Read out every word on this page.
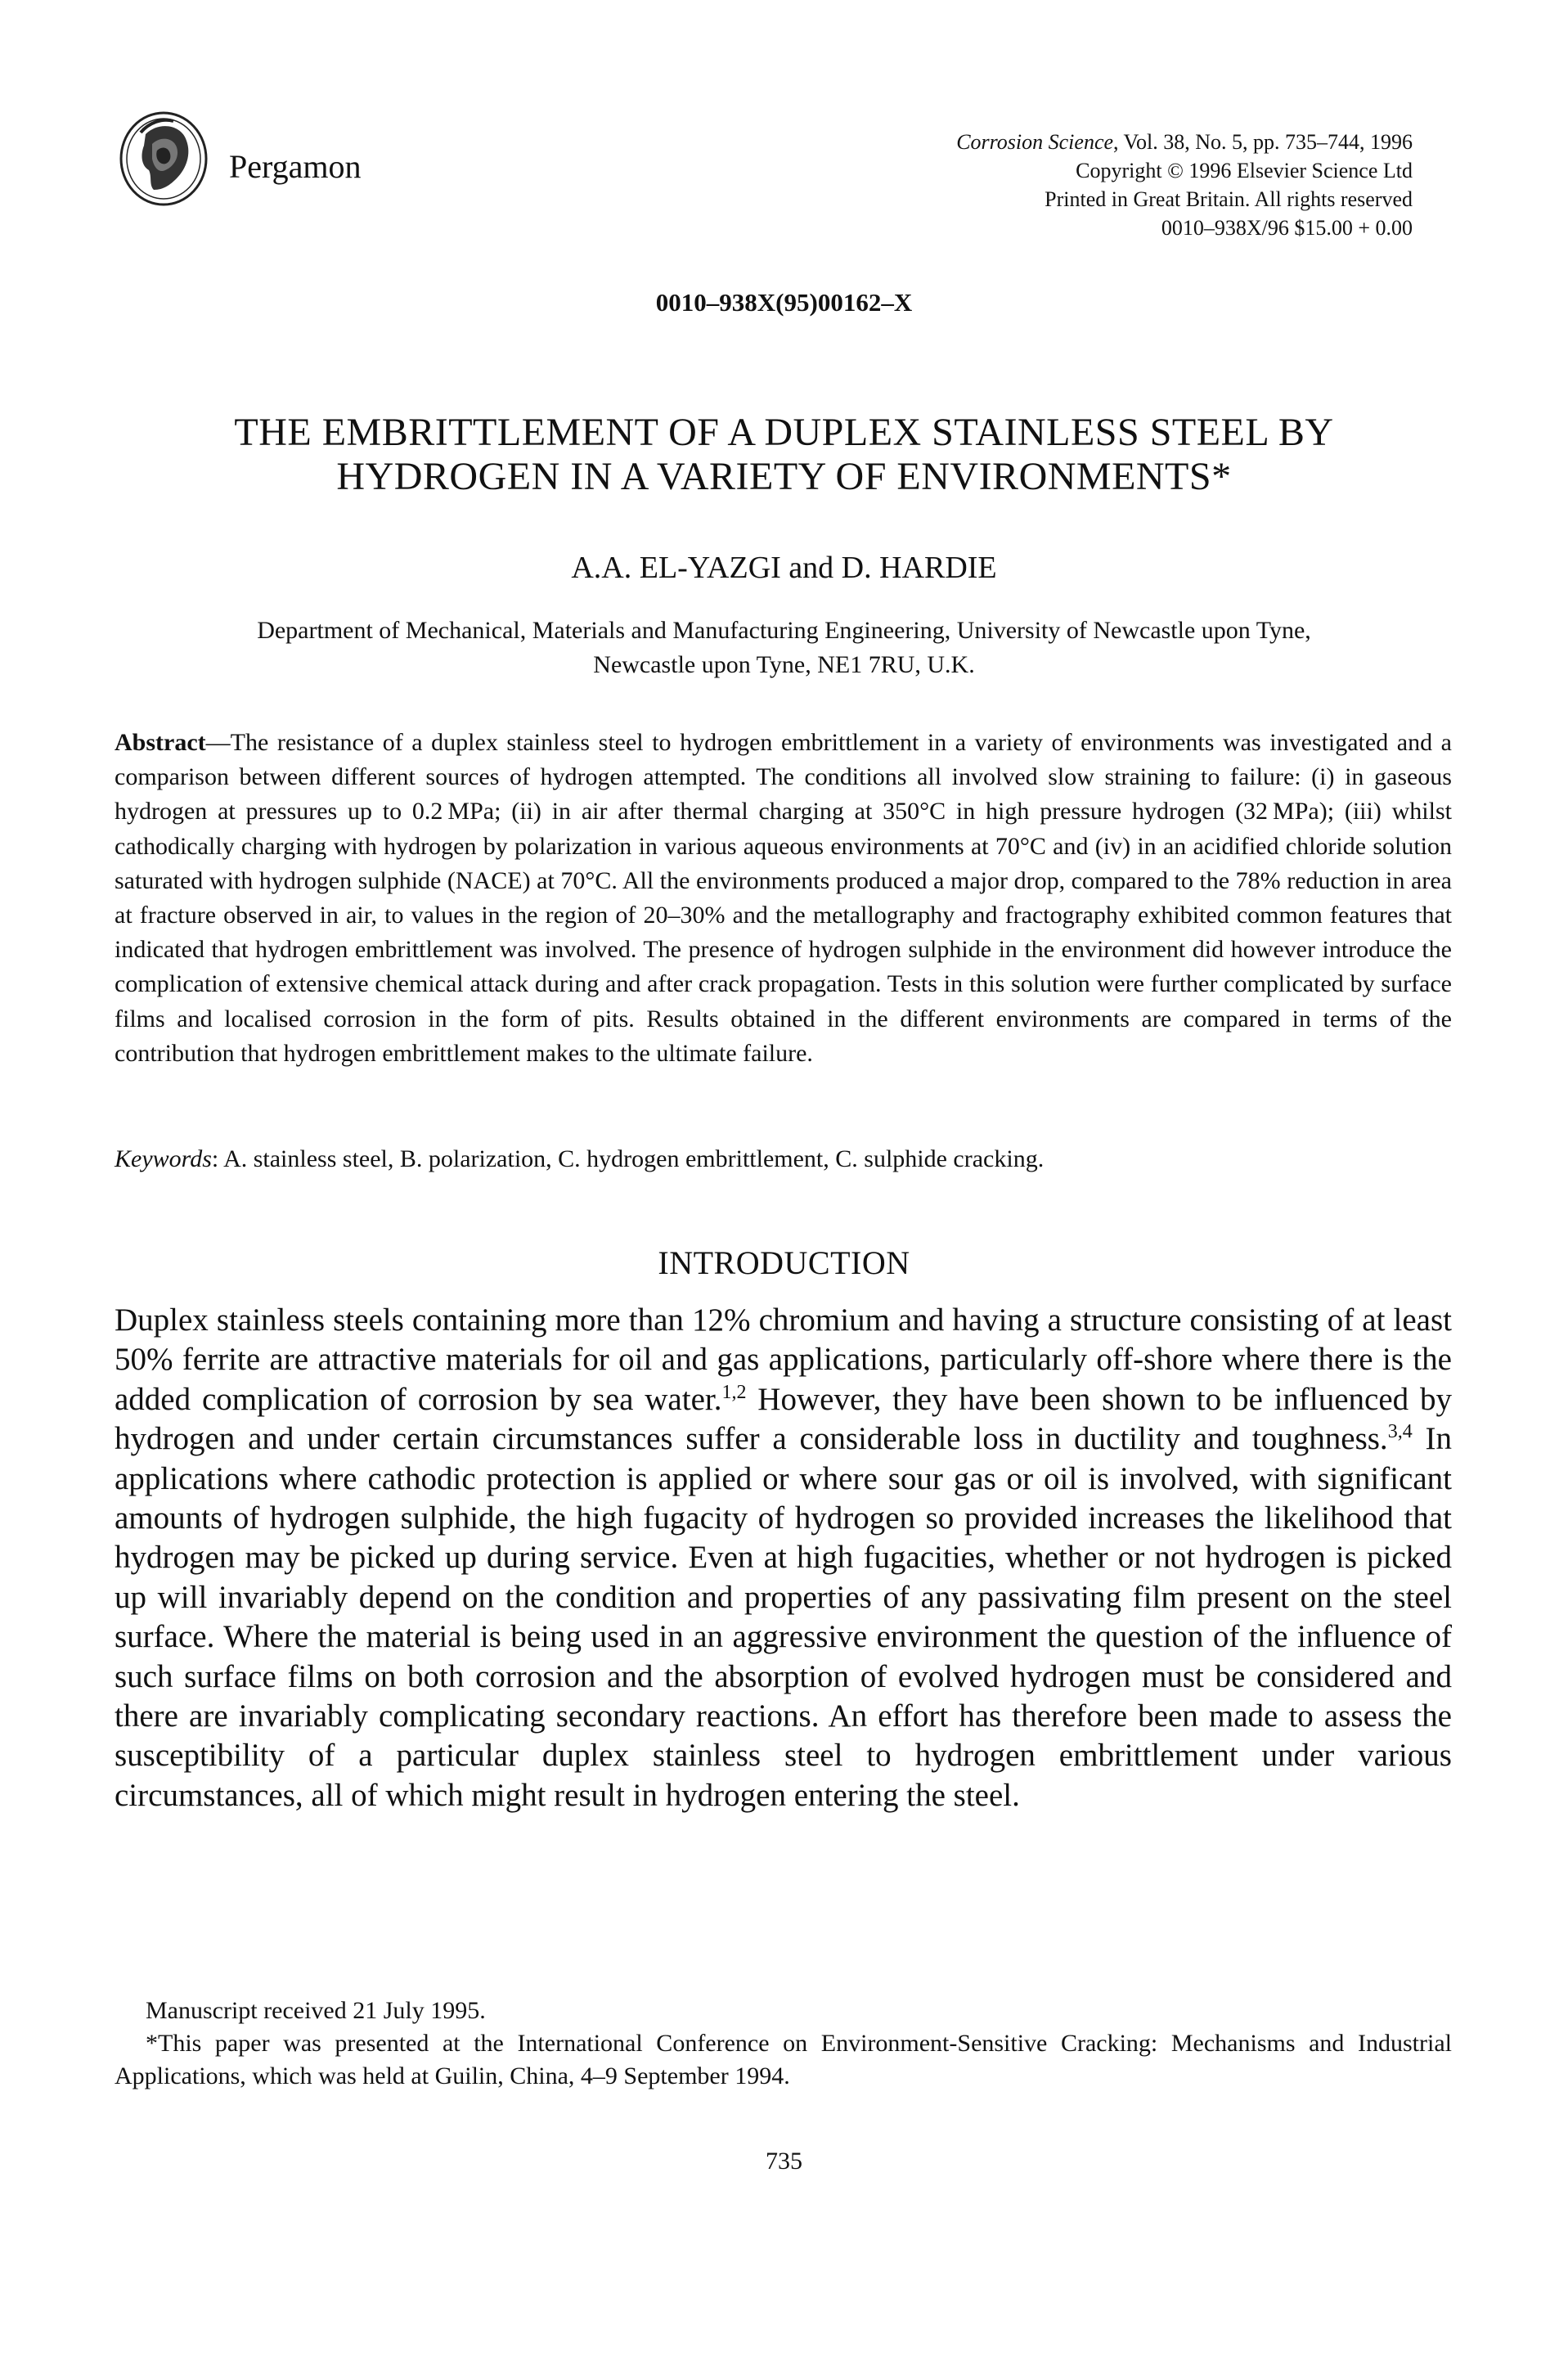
Pergamon
Corrosion Science, Vol. 38, No. 5, pp. 735–744, 1996
Copyright © 1996 Elsevier Science Ltd
Printed in Great Britain. All rights reserved
0010–938X/96 $15.00 + 0.00
0010–938X(95)00162–X
THE EMBRITTLEMENT OF A DUPLEX STAINLESS STEEL BY
HYDROGEN IN A VARIETY OF ENVIRONMENTS*
A.A. EL-YAZGI and D. HARDIE
Department of Mechanical, Materials and Manufacturing Engineering, University of Newcastle upon Tyne,
Newcastle upon Tyne, NE1 7RU, U.K.
Abstract—The resistance of a duplex stainless steel to hydrogen embrittlement in a variety of environments was investigated and a comparison between different sources of hydrogen attempted. The conditions all involved slow straining to failure: (i) in gaseous hydrogen at pressures up to 0.2 MPa; (ii) in air after thermal charging at 350°C in high pressure hydrogen (32 MPa); (iii) whilst cathodically charging with hydrogen by polarization in various aqueous environments at 70°C and (iv) in an acidified chloride solution saturated with hydrogen sulphide (NACE) at 70°C. All the environments produced a major drop, compared to the 78% reduction in area at fracture observed in air, to values in the region of 20–30% and the metallography and fractography exhibited common features that indicated that hydrogen embrittlement was involved. The presence of hydrogen sulphide in the environment did however introduce the complication of extensive chemical attack during and after crack propagation. Tests in this solution were further complicated by surface films and localised corrosion in the form of pits. Results obtained in the different environments are compared in terms of the contribution that hydrogen embrittlement makes to the ultimate failure.
Keywords: A. stainless steel, B. polarization, C. hydrogen embrittlement, C. sulphide cracking.
INTRODUCTION
Duplex stainless steels containing more than 12% chromium and having a structure consisting of at least 50% ferrite are attractive materials for oil and gas applications, particularly off-shore where there is the added complication of corrosion by sea water.$^{1,2}$ However, they have been shown to be influenced by hydrogen and under certain circumstances suffer a considerable loss in ductility and toughness.$^{3,4}$ In applications where cathodic protection is applied or where sour gas or oil is involved, with significant amounts of hydrogen sulphide, the high fugacity of hydrogen so provided increases the likelihood that hydrogen may be picked up during service. Even at high fugacities, whether or not hydrogen is picked up will invariably depend on the condition and properties of any passivating film present on the steel surface. Where the material is being used in an aggressive environment the question of the influence of such surface films on both corrosion and the absorption of evolved hydrogen must be considered and there are invariably complicating secondary reactions. An effort has therefore been made to assess the susceptibility of a particular duplex stainless steel to hydrogen embrittlement under various circumstances, all of which might result in hydrogen entering the steel.
Manuscript received 21 July 1995.
*This paper was presented at the International Conference on Environment-Sensitive Cracking: Mechanisms and Industrial Applications, which was held at Guilin, China, 4–9 September 1994.
735
